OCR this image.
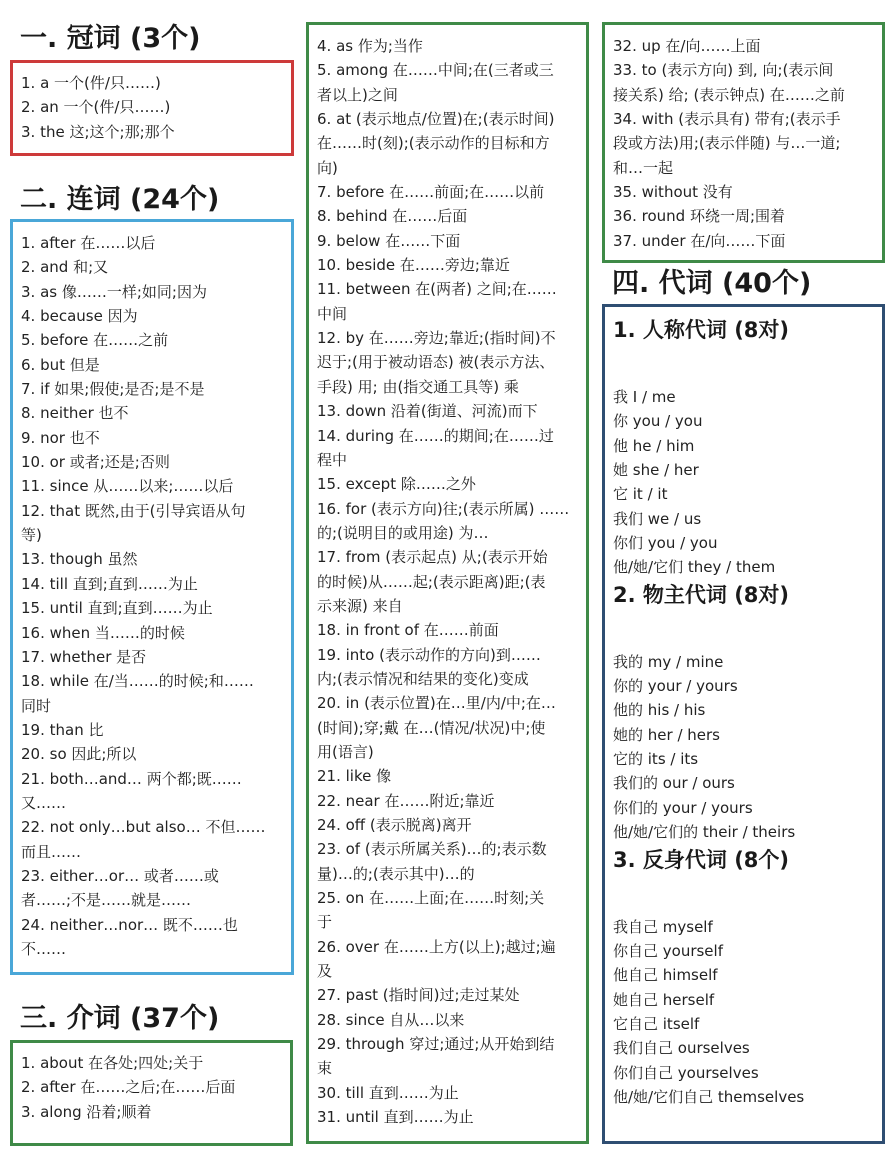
一. 冠词 (3个)
二. 连词 (24个)
三. 介词 (37个)
四. 代词 (40个)

1. a 一个(件/只……)

2. an 一个(件/只……)

3. the 这;这个;那;那个

1. after 在……以后

2. and 和;又

3. as 像……一样;如同;因为

4. because 因为

5. before 在……之前

6. but 但是

7. if 如果;假使;是否;是不是

8. neither 也不

9. nor 也不

10. or 或者;还是;否则

11. since 从……以来;……以后

12. that 既然,由于(引导宾语从句

等)

13. though 虽然

14. till 直到;直到……为止

15. until 直到;直到……为止

16. when 当……的时候

17. whether 是否

18. while 在/当……的时候;和……

同时

19. than 比

20. so 因此;所以

21. both…and… 两个都;既……

又……

22. not only…but also… 不但……

而且……

23. either…or… 或者……或

者……;不是……就是……

24. neither…nor… 既不……也

不……

1. about 在各处;四处;关于

2. after 在……之后;在……后面

3. along 沿着;顺着

4. as 作为;当作

5. among 在……中间;在(三者或三

者以上)之间

6. at (表示地点/位置)在;(表示时间)

在……时(刻);(表示动作的目标和方

向)

7. before 在……前面;在……以前

8. behind 在……后面

9. below 在……下面

10. beside 在……旁边;靠近

11. between 在(两者) 之间;在……

中间

12. by 在……旁边;靠近;(指时间)不

迟于;(用于被动语态) 被(表示方法、

手段) 用; 由(指交通工具等) 乘

13. down 沿着(街道、河流)而下

14. during 在……的期间;在……过

程中

15. except 除……之外

16. for (表示方向)往;(表示所属) ……

的;(说明目的或用途) 为…

17. from (表示起点) 从;(表示开始

的时候)从……起;(表示距离)距;(表

示来源) 来自

18. in front of 在……前面

19. into (表示动作的方向)到……

内;(表示情况和结果的变化)变成

20. in (表示位置)在…里/内/中;在…

(时间);穿;戴 在…(情况/状况)中;使

用(语言)

21. like 像

22. near 在……附近;靠近

24. off (表示脱离)离开

23. of (表示所属关系)…的;表示数

量)…的;(表示其中)…的

25. on 在……上面;在……时刻;关

于

26. over 在……上方(以上);越过;遍

及

27. past (指时间)过;走过某处

28. since 自从…以来

29. through 穿过;通过;从开始到结

束

30. till 直到……为止

31. until 直到……为止

32. up 在/向……上面

33. to (表示方向) 到, 向;(表示间

接关系) 给; (表示钟点) 在……之前

34. with (表示具有) 带有;(表示手

段或方法)用;(表示伴随) 与…一道;

和…一起

35. without 没有

36. round 环绕一周;围着

37. under 在/向……下面

1. 人称代词 (8对)

我 I / me

你 you / you

他 he / him

她 she / her

它 it / it

我们 we / us

你们 you / you

他/她/它们 they / them

2. 物主代词 (8对)

我的 my / mine

你的 your / yours

他的 his / his

她的 her / hers

它的 its / its

我们的 our / ours

你们的 your / yours

他/她/它们的 their / theirs

3. 反身代词 (8个)

我自己 myself

你自己 yourself

他自己 himself

她自己 herself

它自己 itself

我们自己 ourselves

你们自己 yourselves

他/她/它们自己 themselves
